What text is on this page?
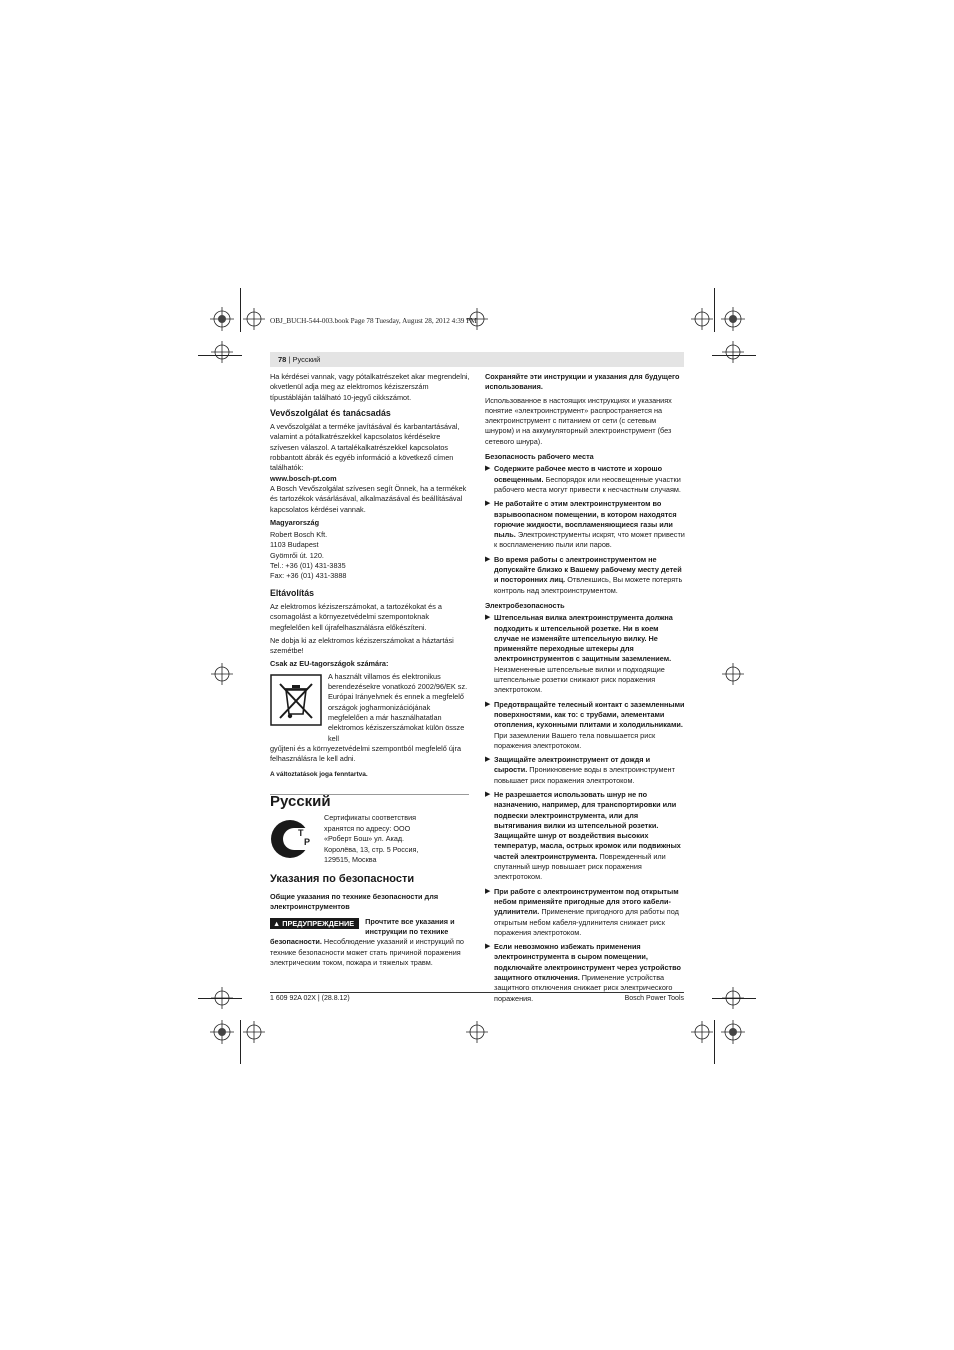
OBJ_BUCH-544-003.book Page 78 Tuesday, August 28, 2012 4:39 PM
78 | Русский

Ha kérdései vannak, vagy pótalkatrészeket akar megrendelni, okvetlenül adja meg az elektromos kéziszerszám típustábláján található 10-jegyű cikkszámot.

Vevőszolgálat és tanácsadás

A vevőszolgálat a terméke javításával és karbantartásával, valamint a pótalkatrészekkel kapcsolatos kérdésekre szívesen válaszol. A tartalékalkatrészekkel kapcsolatos robbantott ábrák és egyéb információ a következő címen találhatók:

www.bosch-pt.com

A Bosch Vevőszolgálat szívesen segít Önnek, ha a termékek és tartozékok vásárlásával, alkalmazásával és beállításával kapcsolatos kérdései vannak.

Magyarország
Robert Bosch Kft.
1103 Budapest
Gyömrői út. 120.
Tel.: +36 (01) 431-3835
Fax: +36 (01) 431-3888
Eltávolítás

Az elektromos kéziszerszámokat, a tartozékokat és a csomagolást a környezetvédelmi szempontoknak megfelelően kell újrafelhasználásra előkészíteni.

Ne dobja ki az elektromos kéziszerszámokat a háztartási szemétbe!

Csak az EU-tagországok számára:

A használt villamos és elektronikus berendezésekre vonatkozó 2002/96/EK sz. Európai Irányelvnek és ennek a megfelelő országok jogharmonizációjának megfelelően a már használhatatlan elektromos kéziszerszámokat külön össze kell

gyűjteni és a környezetvédelmi szempontból megfelelő újra felhasználásra le kell adni.

A változtatások joga fenntartva.

Русский
T
P

Сертификаты соответствия хранятся по адресу: ООО «Роберт Бош» ул. Акад. Королёва, 13, стр. 5 Россия, 129515, Москва

Указания по безопасности

Общие указания по технике безопасности для электроинструментов

▲ ПРЕДУПРЕЖДЕНИЕ	Прочтите все указания и инструкции по технике

безопасности. Несоблюдение указаний и инструкций по технике безопасности может стать причиной поражения электрическим током, пожара и тяжелых травм.

Сохраняйте эти инструкции и указания для будущего использования.

Использованное в настоящих инструкциях и указаниях понятие «электроинструмент» распространяется на электроинструмент с питанием от сети (с сетевым шнуром) и на аккумуляторный электроинструмент (без сетевого шнура).

Безопасность рабочего места
▶ Содержите рабочее место в чистоте и хорошо освещенным. Беспорядок или неосвещенные участки рабочего места могут привести к несчастным случаям.
▶ Не работайте с этим электроинструментом во взрывоопасном помещении, в котором находятся горючие жидкости, воспламеняющиеся газы или пыль. Электроинструменты искрят, что может привести к воспламенению пыли или паров.
▶ Во время работы с электроинструментом не допускайте близко к Вашему рабочему месту детей и посторонних лиц. Отвлекшись, Вы можете потерять контроль над электроинструментом.
Электробезопасность
▶ Штепсельная вилка электроинструмента должна подходить к штепсельной розетке. Ни в коем случае не изменяйте штепсельную вилку. Не применяйте переходные штекеры для электроинструментов с защитным заземлением. Неизмененные штепсельные вилки и подходящие штепсельные розетки снижают риск поражения электротоком.
▶ Предотвращайте телесный контакт с заземленными поверхностями, как то: с трубами, элементами отопления, кухонными плитами и холодильниками. При заземлении Вашего тела повышается риск поражения электротоком.
▶ Защищайте электроинструмент от дождя и сырости. Проникновение воды в электроинструмент повышает риск поражения электротоком.
▶ Не разрешается использовать шнур не по назначению, например, для транспортировки или подвески электроинструмента, или для вытягивания вилки из штепсельной розетки. Защищайте шнур от воздействия высоких температур, масла, острых кромок или подвижных частей электроинструмента. Поврежденный или спутанный шнур повышает риск поражения электротоком.
▶ При работе с электроинструментом под открытым небом применяйте пригодные для этого кабели-удлинители. Применение пригодного для работы под открытым небом кабеля-удлинителя снижает риск поражения электротоком.
▶ Если невозможно избежать применения электроинструмента в сыром помещении, подключайте электроинструмент через устройство защитного отключения. Применение устройства защитного отключения снижает риск электрического поражения.
1 609 92A 02X | (28.8.12)	Bosch Power Tools
